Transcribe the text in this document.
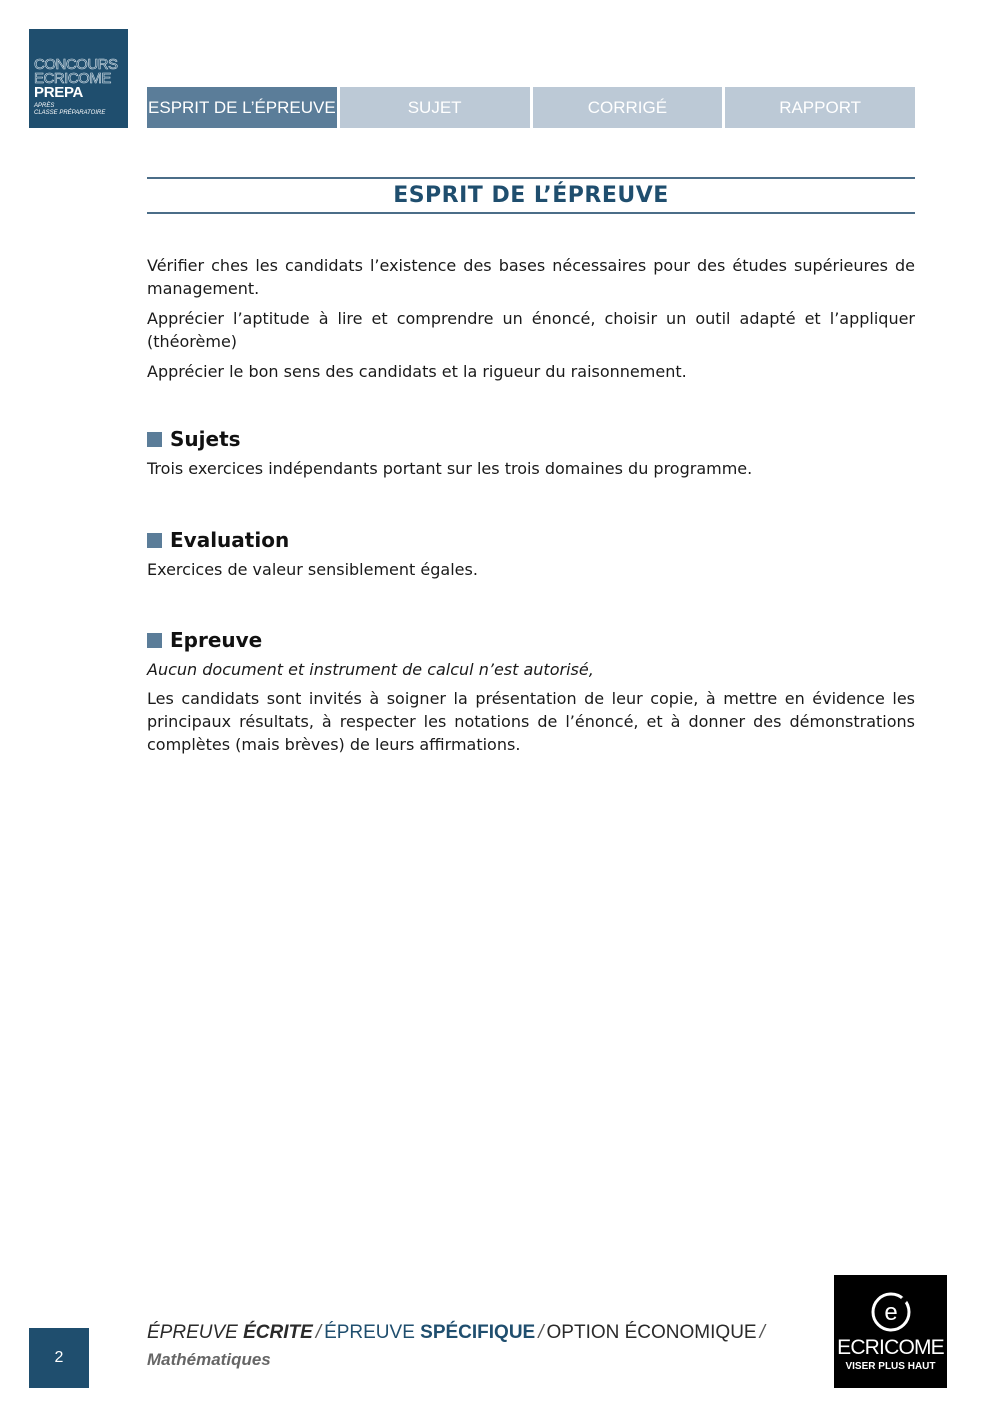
CONCOURS
ECRICOME
PREPA
APRÈS
CLASSE PRÉPARATOIRE	ESPRIT DE L’ÉPREUVE	SUJET	CORRIGÉ	RAPPORT
ESPRIT DE L’ÉPREUVE

Vérifier ches les candidats l’existence des bases nécessaires pour des études supérieures de management.

Apprécier l’aptitude à lire et comprendre un énoncé, choisir un outil adapté et l’appliquer (théorème)

Apprécier le bon sens des candidats et la rigueur du raisonnement.

Sujets

Trois exercices indépendants portant sur les trois domaines du programme.

Evaluation

Exercices de valeur sensiblement égales.

Epreuve

Aucun document et instrument de calcul n’est autorisé,

Les candidats sont invités à soigner la présentation de leur copie, à mettre en évidence les principaux résultats, à respecter les notations de l’énoncé, et à donner des démonstrations complètes (mais brèves) de leurs affirmations.

2
ÉPREUVE ÉCRITE / ÉPREUVE SPÉCIFIQUE / OPTION ÉCONOMIQUE /
Mathématiques
e
ECRICOME
VISER PLUS HAUT
